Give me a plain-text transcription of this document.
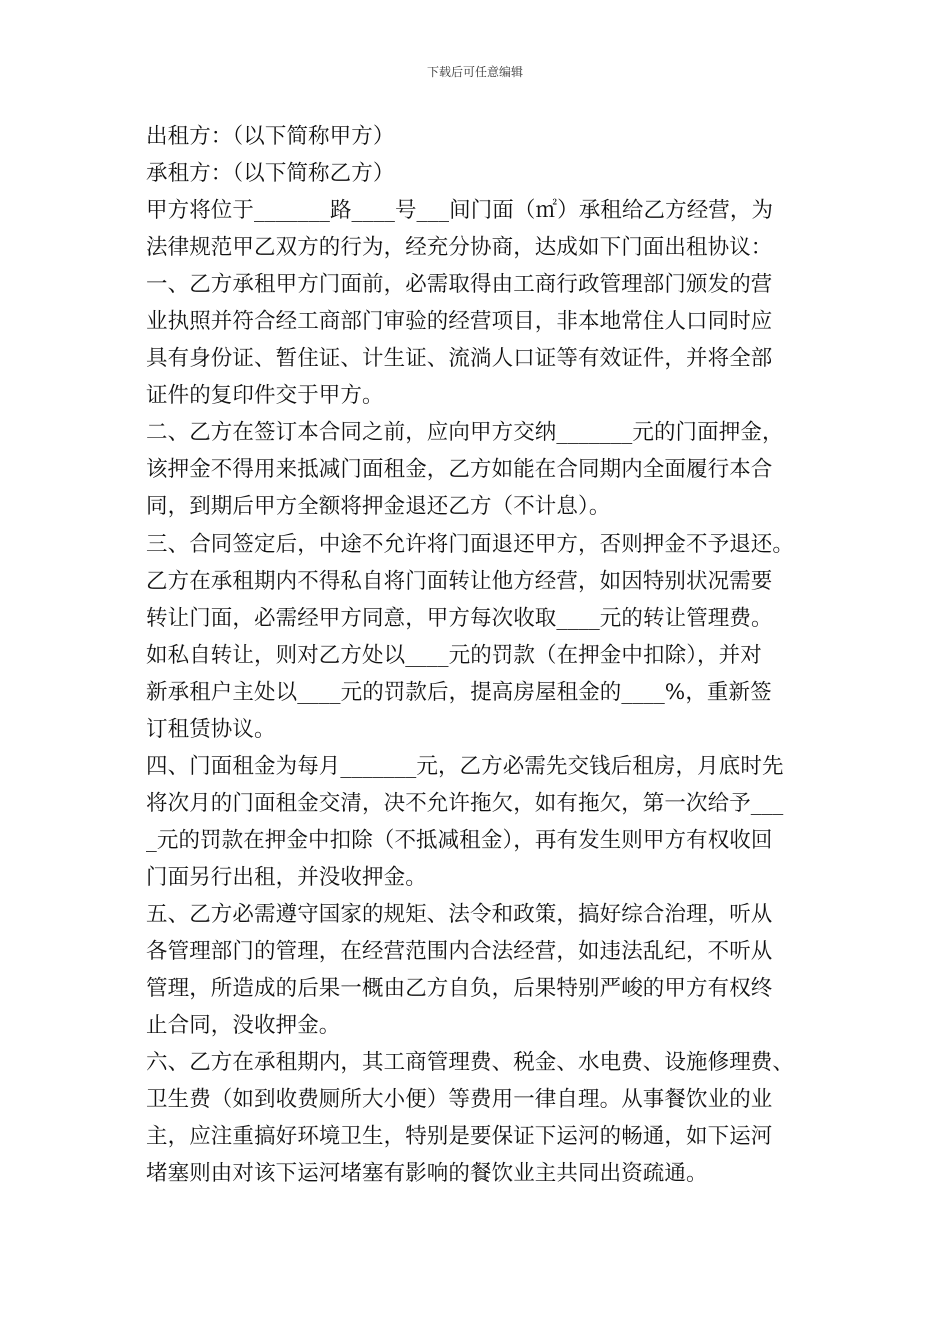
下载后可任意编辑
出租方：（以下简称甲方）
承租方：（以下简称乙方）
甲方将位于_______路____号___间门面（㎡）承租给乙方经营，为
法律规范甲乙双方的行为，经充分协商，达成如下门面出租协议：
一、乙方承租甲方门面前，必需取得由工商行政管理部门颁发的营
业执照并符合经工商部门审验的经营项目，非本地常住人口同时应
具有身份证、暂住证、计生证、流淌人口证等有效证件，并将全部
证件的复印件交于甲方。
二、乙方在签订本合同之前，应向甲方交纳_______元的门面押金，
该押金不得用来抵减门面租金，乙方如能在合同期内全面履行本合
同，到期后甲方全额将押金退还乙方（不计息）。
三、合同签定后，中途不允许将门面退还甲方，否则押金不予退还。
乙方在承租期内不得私自将门面转让他方经营，如因特别状况需要
转让门面，必需经甲方同意，甲方每次收取____元的转让管理费。
如私自转让，则对乙方处以____元的罚款（在押金中扣除），并对
新承租户主处以____元的罚款后，提高房屋租金的____%，重新签
订租赁协议。
四、门面租金为每月_______元，乙方必需先交钱后租房，月底时先
将次月的门面租金交清，决不允许拖欠，如有拖欠，第一次给予___
_元的罚款在押金中扣除（不抵减租金），再有发生则甲方有权收回
门面另行出租，并没收押金。
五、乙方必需遵守国家的规矩、法令和政策，搞好综合治理，听从
各管理部门的管理，在经营范围内合法经营，如违法乱纪，不听从
管理，所造成的后果一概由乙方自负，后果特别严峻的甲方有权终
止合同，没收押金。
六、乙方在承租期内，其工商管理费、税金、水电费、设施修理费、
卫生费（如到收费厕所大小便）等费用一律自理。从事餐饮业的业
主，应注重搞好环境卫生，特别是要保证下运河的畅通，如下运河
堵塞则由对该下运河堵塞有影响的餐饮业主共同出资疏通。
